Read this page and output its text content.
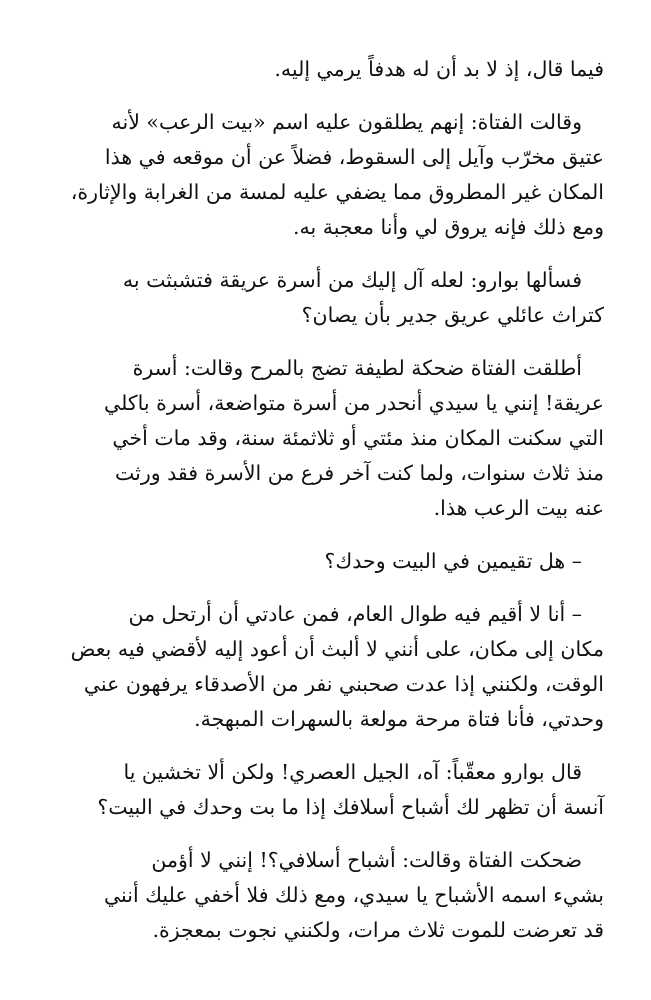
فيما قال، إذ لا بد أن له هدفاً يرمي إليه.

وقالت الفتاة: إنهم يطلقون عليه اسم «بيت الرعب» لأنه
عتيق مخرّب وآيل إلى السقوط، فضلاً عن أن موقعه في هذا
المكان غير المطروق مما يضفي عليه لمسة من الغرابة والإثارة،
ومع ذلك فإنه يروق لي وأنا معجبة به.

فسألها بوارو: لعله آل إليك من أسرة عريقة فتشبثت به
كتراث عائلي عريق جدير بأن يصان؟

أطلقت الفتاة ضحكة لطيفة تضج بالمرح وقالت: أسرة
عريقة! إنني يا سيدي أنحدر من أسرة متواضعة، أسرة باكلي
التي سكنت المكان منذ مئتي أو ثلاثمئة سنة، وقد مات أخي
منذ ثلاث سنوات، ولما كنت آخر فرع من الأسرة فقد ورثت
عنه بيت الرعب هذا.

– هل تقيمين في البيت وحدك؟

– أنا لا أقيم فيه طوال العام، فمن عادتي أن أرتحل من
مكان إلى مكان، على أنني لا ألبث أن أعود إليه لأقضي فيه بعض
الوقت، ولكنني إذا عدت صحبني نفر من الأصدقاء يرفهون عني
وحدتي، فأنا فتاة مرحة مولعة بالسهرات المبهجة.

قال بوارو معقّباً: آه، الجيل العصري! ولكن ألا تخشين يا
آنسة أن تظهر لك أشباح أسلافك إذا ما بت وحدك في البيت؟

ضحكت الفتاة وقالت: أشباح أسلافي؟! إنني لا أؤمن
بشيء اسمه الأشباح يا سيدي، ومع ذلك فلا أخفي عليك أنني
قد تعرضت للموت ثلاث مرات، ولكنني نجوت بمعجزة.
